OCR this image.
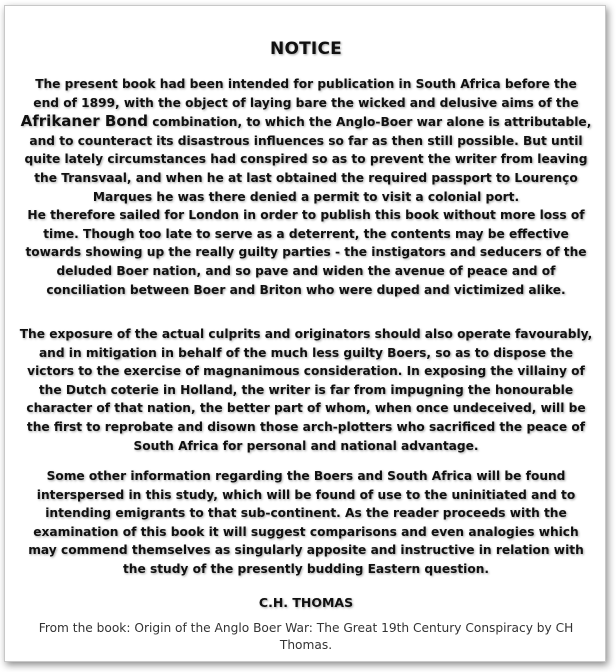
NOTICE
The present book had been intended for publication in South Africa before the
end of 1899, with the object of laying bare the wicked and delusive aims of the
Afrikaner Bond combination, to which the Anglo-Boer war alone is attributable,
and to counteract its disastrous influences so far as then still possible. But until
quite lately circumstances had conspired so as to prevent the writer from leaving
the Transvaal, and when he at last obtained the required passport to Lourenço
Marques he was there denied a permit to visit a colonial port.
He therefore sailed for London in order to publish this book without more loss of
time. Though too late to serve as a deterrent, the contents may be effective
towards showing up the really guilty parties - the instigators and seducers of the
deluded Boer nation, and so pave and widen the avenue of peace and of
conciliation between Boer and Briton who were duped and victimized alike.
The exposure of the actual culprits and originators should also operate favourably,
and in mitigation in behalf of the much less guilty Boers, so as to dispose the
victors to the exercise of magnanimous consideration. In exposing the villainy of
the Dutch coterie in Holland, the writer is far from impugning the honourable
character of that nation, the better part of whom, when once undeceived, will be
the first to reprobate and disown those arch-plotters who sacrificed the peace of
South Africa for personal and national advantage.
Some other information regarding the Boers and South Africa will be found
interspersed in this study, which will be found of use to the uninitiated and to
intending emigrants to that sub-continent. As the reader proceeds with the
examination of this book it will suggest comparisons and even analogies which
may commend themselves as singularly apposite and instructive in relation with
the study of the presently budding Eastern question.
C.H. THOMAS
From the book: Origin of the Anglo Boer War: The Great 19th Century Conspiracy by CH
Thomas.
